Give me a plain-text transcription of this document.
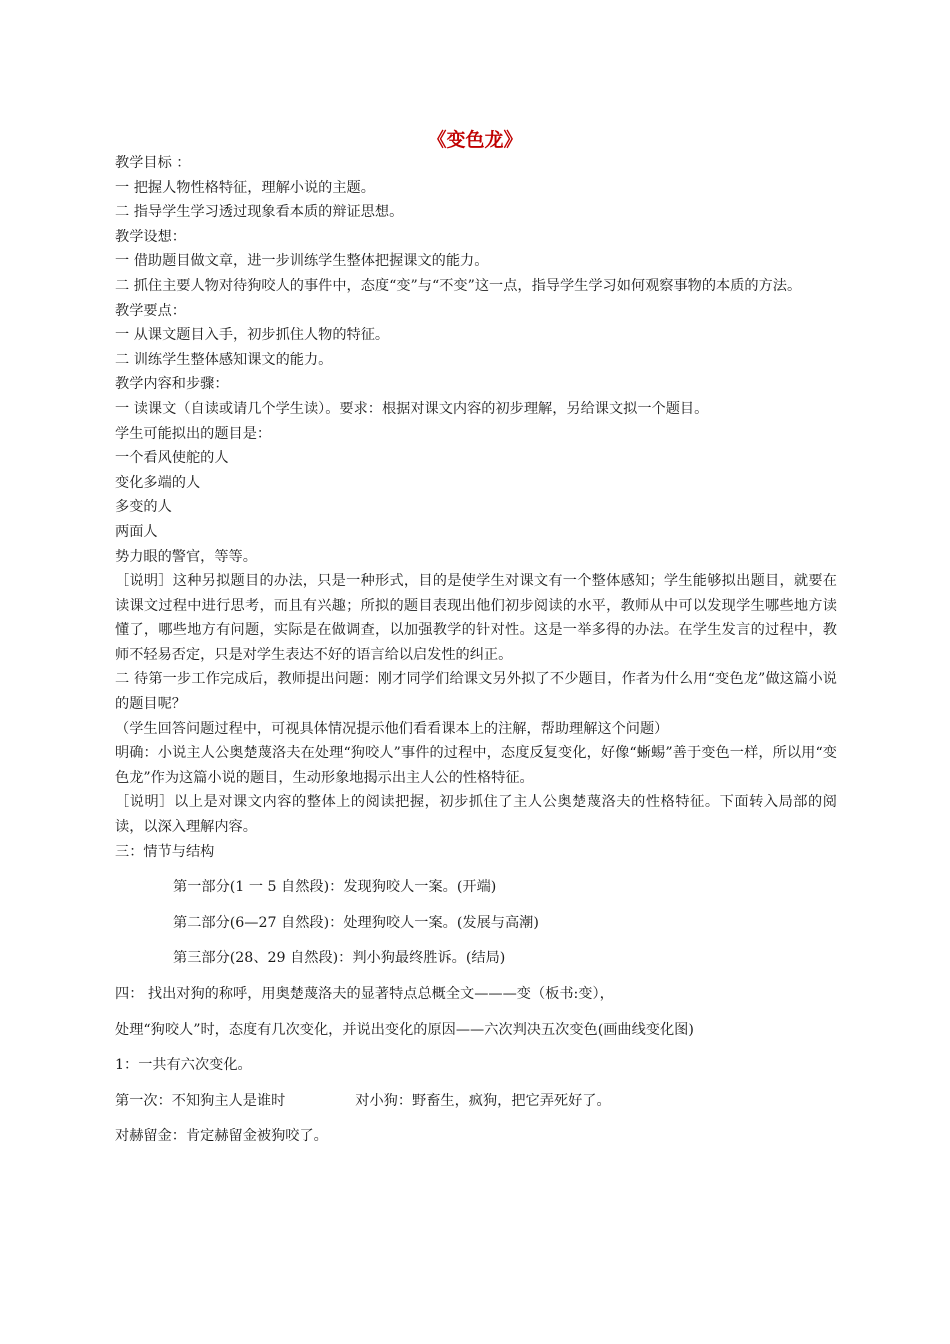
《变色龙》
教学目标 ：
一 把握人物性格特征，理解小说的主题。
二 指导学生学习透过现象看本质的辩证思想。
教学设想：
一 借助题目做文章，进一步训练学生整体把握课文的能力。
二 抓住主要人物对待狗咬人的事件中，态度“变”与“不变”这一点，指导学生学习如何观察事物的本质的方法。
教学要点：
一 从课文题目入手，初步抓住人物的特征。
二 训练学生整体感知课文的能力。
教学内容和步骤：
一 读课文（自读或请几个学生读）。要求：根据对课文内容的初步理解，另给课文拟一个题目。
学生可能拟出的题目是：
一个看风使舵的人
变化多端的人
多变的人
两面人
势力眼的警官，等等。
［说明］这种另拟题目的办法，只是一种形式，目的是使学生对课文有一个整体感知；学生能够拟出题目，就要在读课文过程中进行思考，而且有兴趣；所拟的题目表现出他们初步阅读的水平，教师从中可以发现学生哪些地方读懂了，哪些地方有问题，实际是在做调查，以加强教学的针对性。这是一举多得的办法。在学生发言的过程中，教师不轻易否定，只是对学生表达不好的语言给以启发性的纠正。
二 待第一步工作完成后，教师提出问题：刚才同学们给课文另外拟了不少题目，作者为什么用“变色龙”做这篇小说的题目呢？
（学生回答问题过程中，可视具体情况提示他们看看课本上的注解，帮助理解这个问题）
明确：小说主人公奥楚蔑洛夫在处理“狗咬人”事件的过程中，态度反复变化，好像“蜥蜴”善于变色一样，所以用“变色龙”作为这篇小说的题目，生动形象地揭示出主人公的性格特征。
［说明］以上是对课文内容的整体上的阅读把握，初步抓住了主人公奥楚蔑洛夫的性格特征。下面转入局部的阅读，以深入理解内容。
三：情节与结构
第一部分(1 一 5 自然段)：发现狗咬人一案。(开端)
第二部分(6—27 自然段)：处理狗咬人一案。(发展与高潮)
第三部分(28、29 自然段)：判小狗最终胜诉。(结局)
四： 找出对狗的称呼，用奥楚蔑洛夫的显著特点总概全文———变（板书:变），
处理“狗咬人”时，态度有几次变化，并说出变化的原因——六次判决五次变色(画曲线变化图)
1：一共有六次变化。
第一次：不知狗主人是谁时	对小狗：野畜生，疯狗，把它弄死好了。
对赫留金：肯定赫留金被狗咬了。
